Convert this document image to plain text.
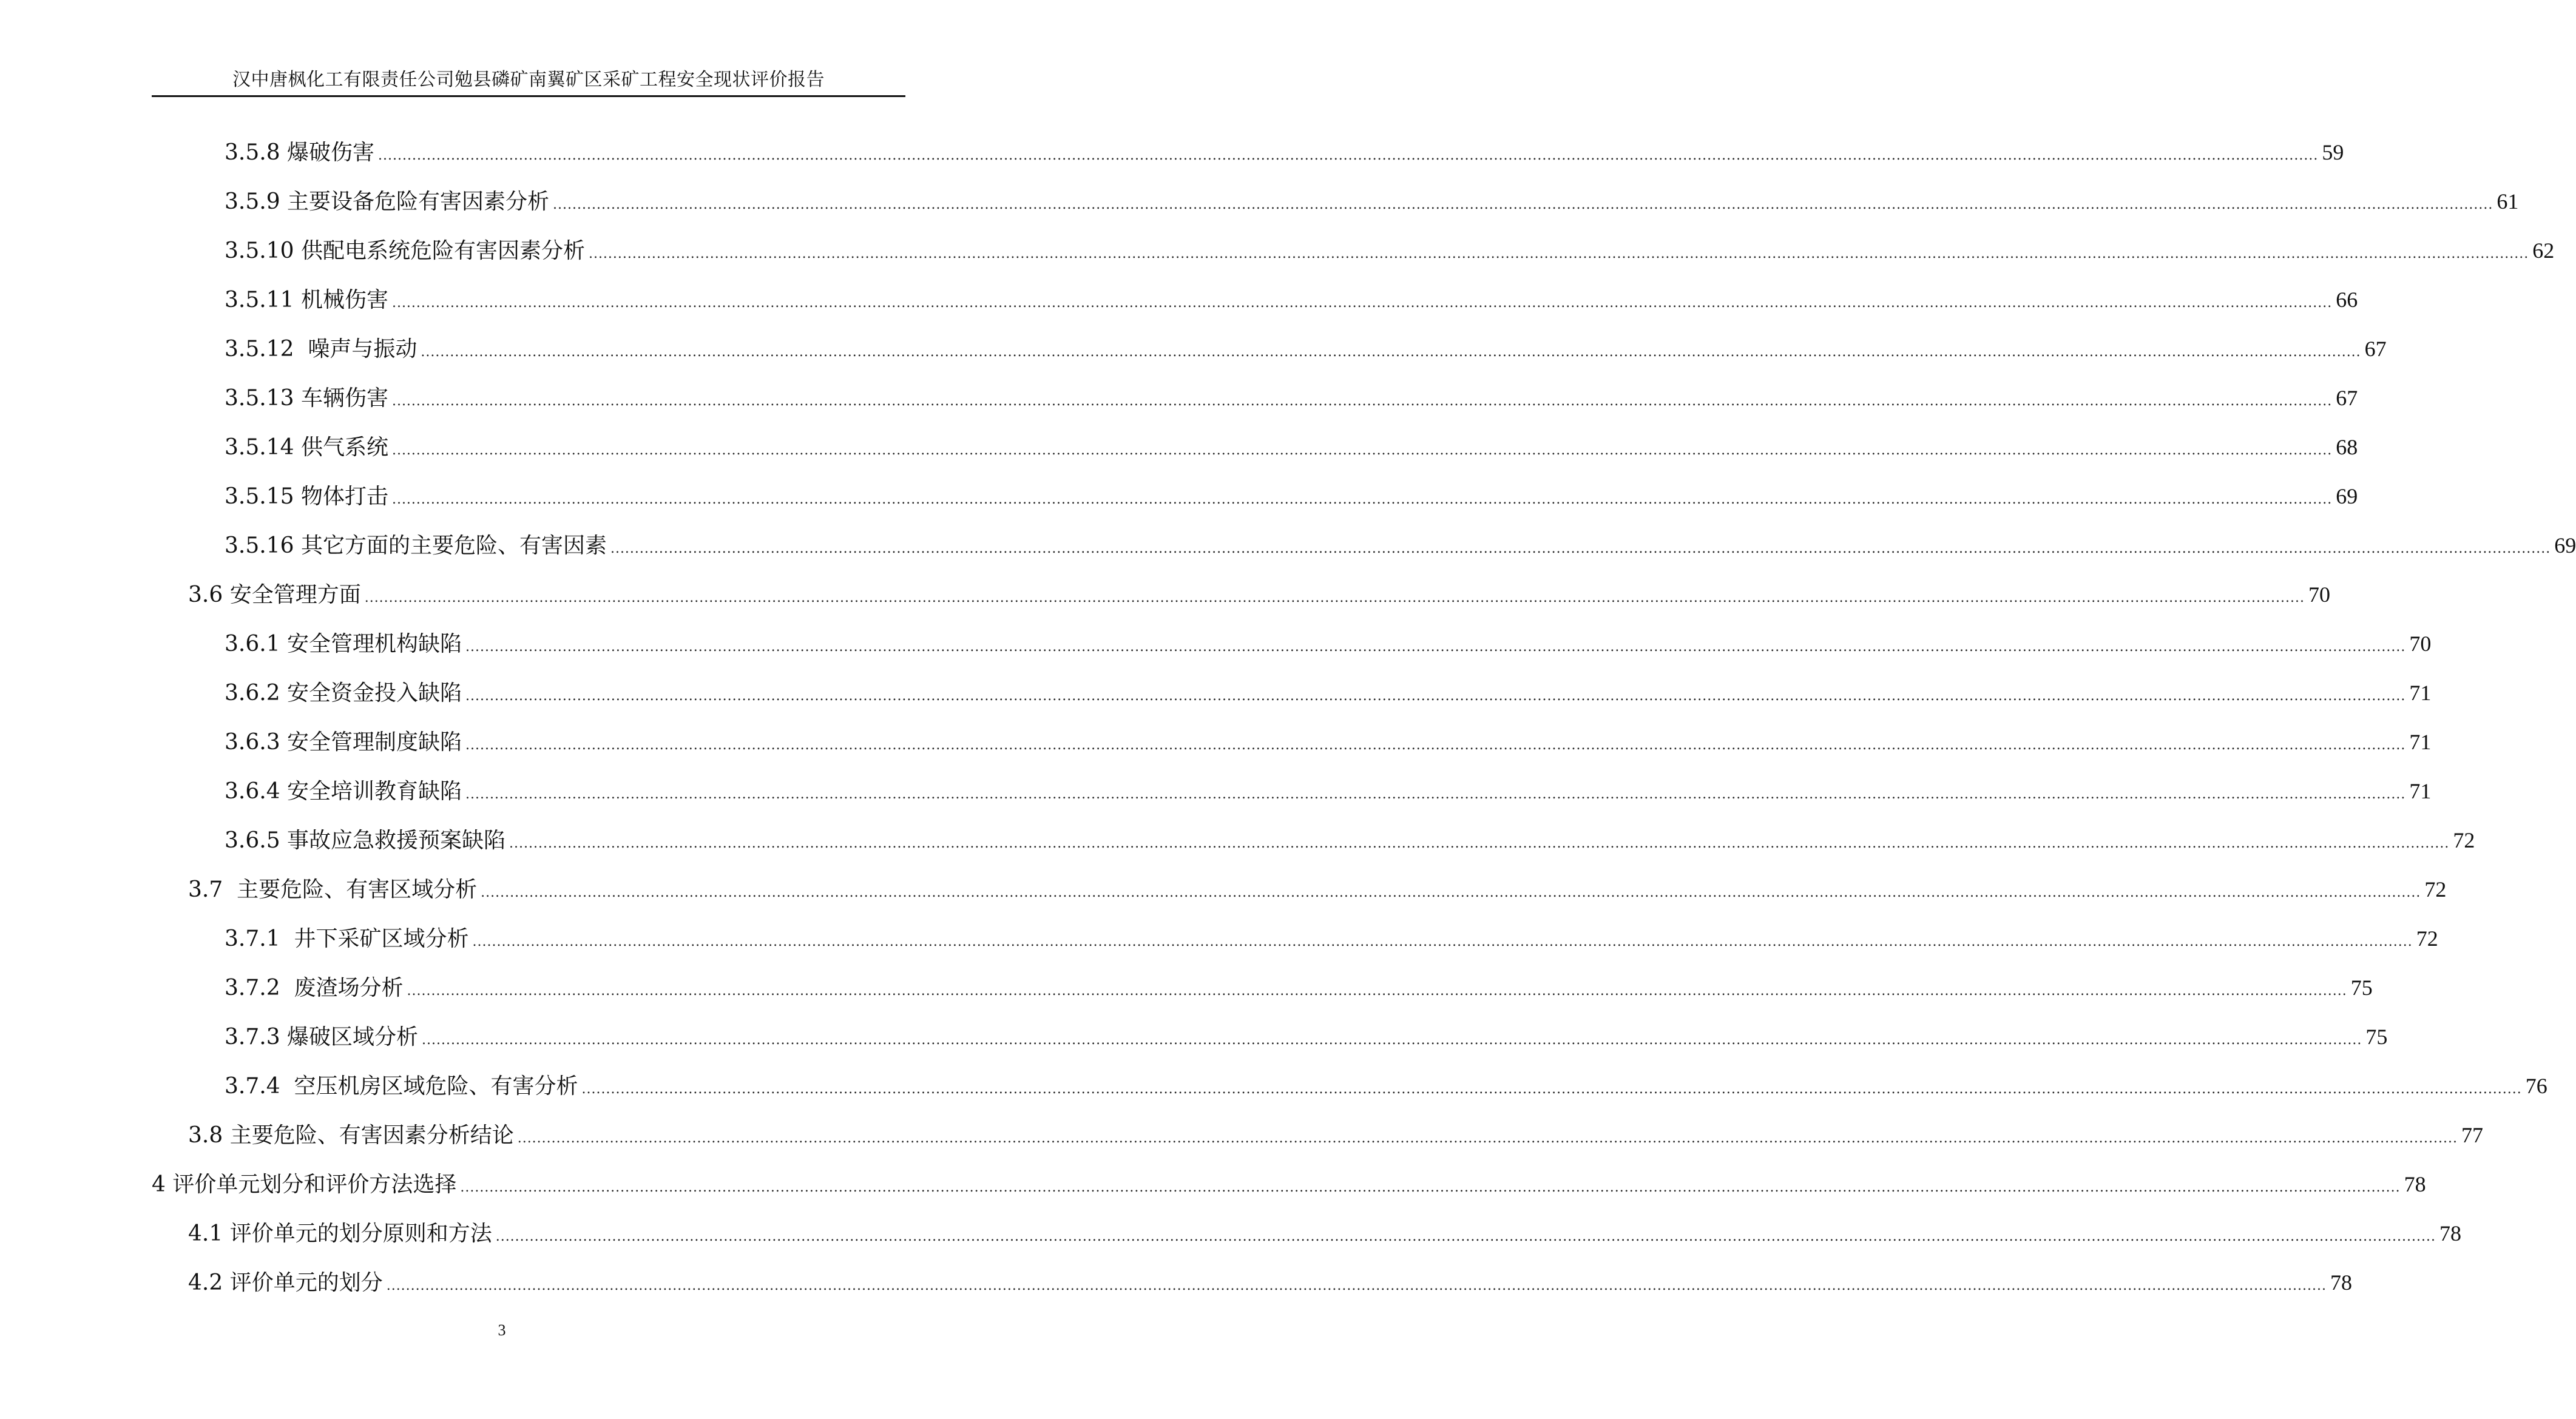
汉中唐枫化工有限责任公司勉县磷矿南翼矿区采矿工程安全现状评价报告
3.5.8 爆破伤害 ................................................................................................................................................................................................................................................................................................................................................................................................................ 59
3.5.9 主要设备危险有害因素分析 ................................................................................................................................................................................................................................................................................................................................................................................................................ 61
3.5.10 供配电系统危险有害因素分析 ................................................................................................................................................................................................................................................................................................................................................................................................................ 62
3.5.11 机械伤害 ................................................................................................................................................................................................................................................................................................................................................................................................................ 66
3.5.12  噪声与振动 ................................................................................................................................................................................................................................................................................................................................................................................................................ 67
3.5.13 车辆伤害 ................................................................................................................................................................................................................................................................................................................................................................................................................ 67
3.5.14 供气系统 ................................................................................................................................................................................................................................................................................................................................................................................................................ 68
3.5.15 物体打击 ................................................................................................................................................................................................................................................................................................................................................................................................................ 69
3.5.16 其它方面的主要危险、有害因素 ................................................................................................................................................................................................................................................................................................................................................................................................................ 69
3.6 安全管理方面 ................................................................................................................................................................................................................................................................................................................................................................................................................ 70
3.6.1 安全管理机构缺陷 ................................................................................................................................................................................................................................................................................................................................................................................................................ 70
3.6.2 安全资金投入缺陷 ................................................................................................................................................................................................................................................................................................................................................................................................................ 71
3.6.3 安全管理制度缺陷 ................................................................................................................................................................................................................................................................................................................................................................................................................ 71
3.6.4 安全培训教育缺陷 ................................................................................................................................................................................................................................................................................................................................................................................................................ 71
3.6.5 事故应急救援预案缺陷 ................................................................................................................................................................................................................................................................................................................................................................................................................ 72
3.7  主要危险、有害区域分析 ................................................................................................................................................................................................................................................................................................................................................................................................................ 72
3.7.1  井下采矿区域分析 ................................................................................................................................................................................................................................................................................................................................................................................................................ 72
3.7.2  废渣场分析 ................................................................................................................................................................................................................................................................................................................................................................................................................ 75
3.7.3 爆破区域分析 ................................................................................................................................................................................................................................................................................................................................................................................................................ 75
3.7.4  空压机房区域危险、有害分析 ................................................................................................................................................................................................................................................................................................................................................................................................................ 76
3.8 主要危险、有害因素分析结论 ................................................................................................................................................................................................................................................................................................................................................................................................................ 77
4 评价单元划分和评价方法选择 ................................................................................................................................................................................................................................................................................................................................................................................................................ 78
4.1 评价单元的划分原则和方法 ................................................................................................................................................................................................................................................................................................................................................................................................................ 78
4.2 评价单元的划分 ................................................................................................................................................................................................................................................................................................................................................................................................................ 78
3
